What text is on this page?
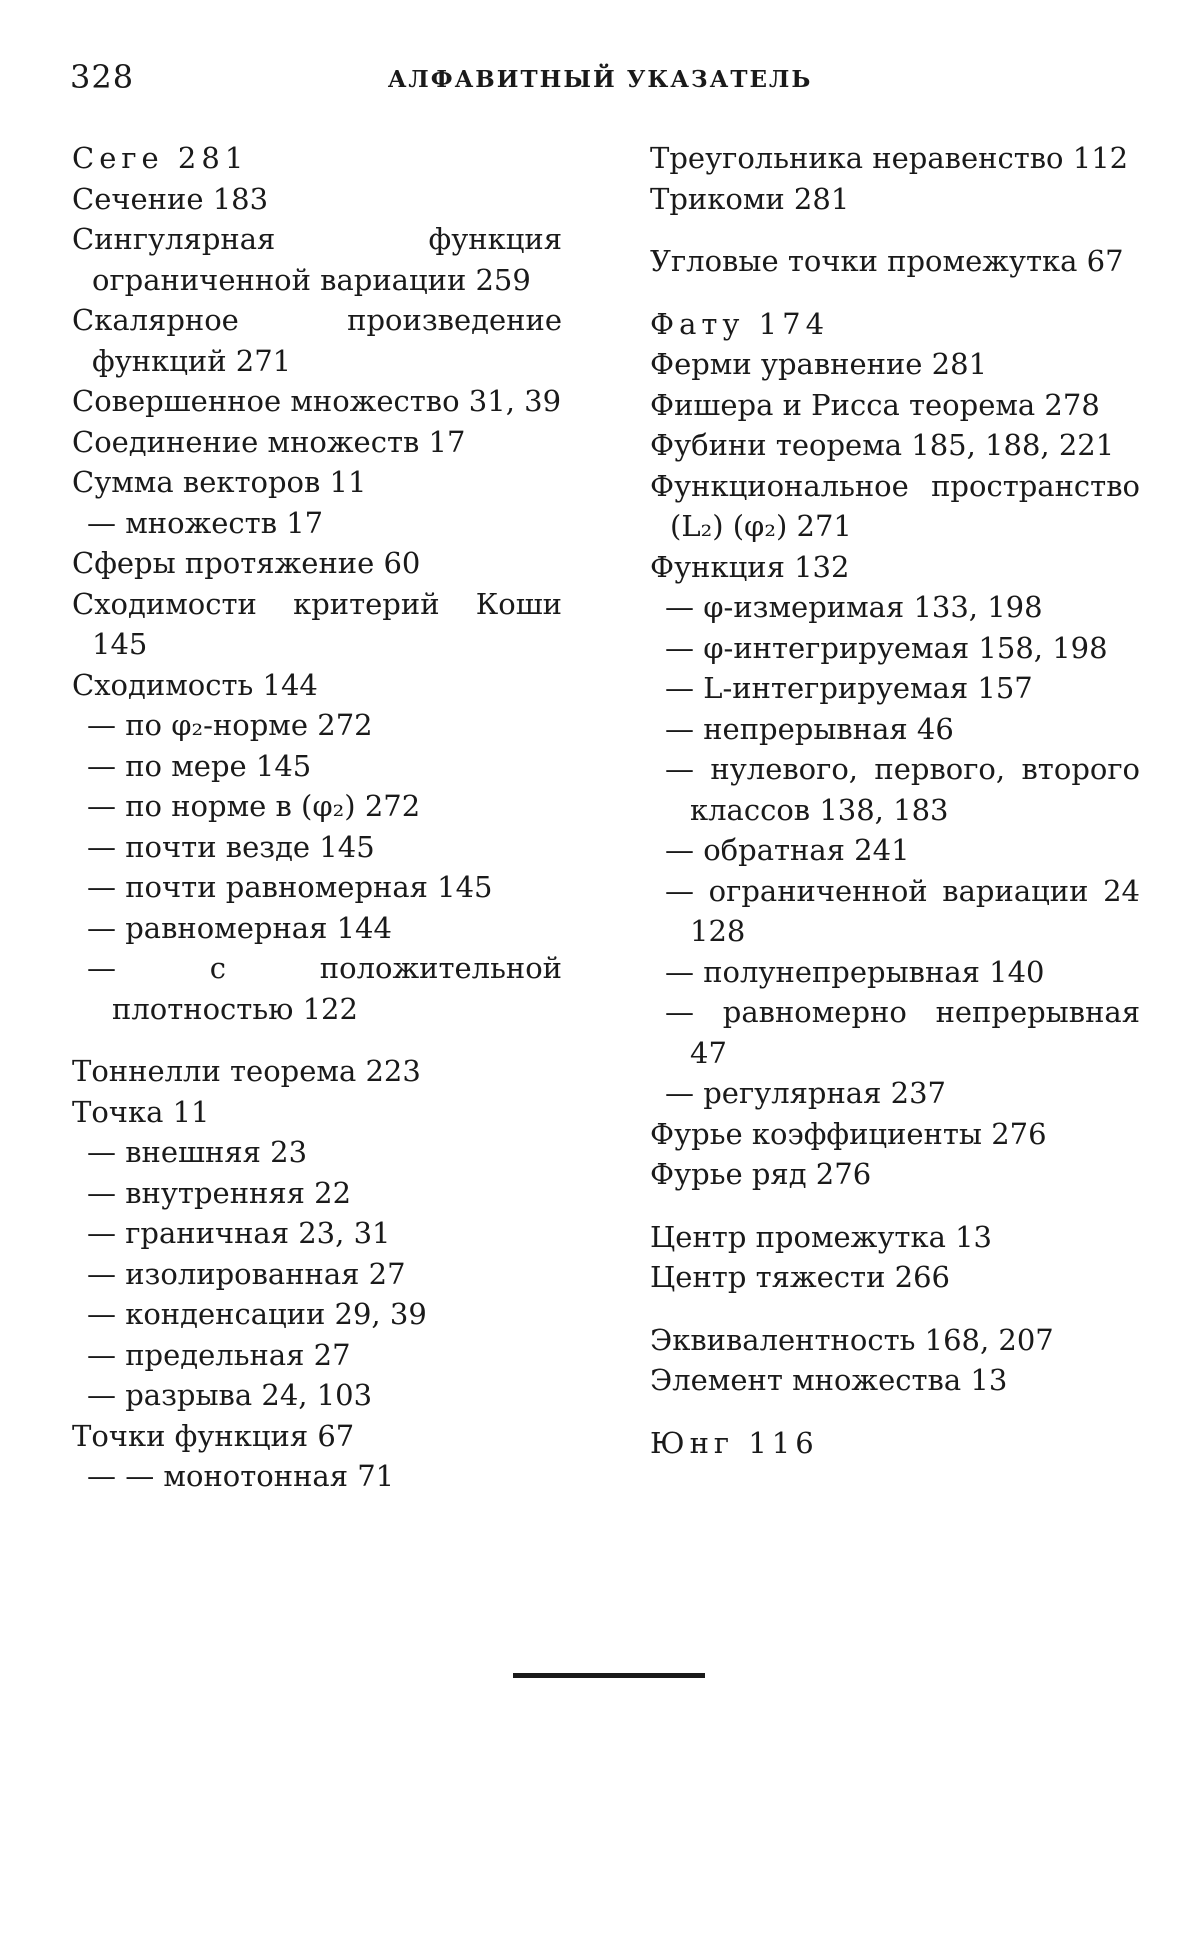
328	АЛФАВИТНЫЙ УКАЗАТЕЛЬ

Сеге 281

Сечение 183

Сингулярная функция ограниченной вариации 259

Скалярное произведение функций 271

Совершенное множество 31, 39

Соединение множеств 17

Сумма векторов 11

— множеств 17

Сферы протяжение 60

Сходимости критерий Коши 145

Сходимость 144

— по φ₂-норме 272

— по мере 145

— по норме в (φ₂) 272

— почти везде 145

— почти равномерная 145

— равномерная 144

— с положительной плотностью 122

Тоннелли теорема 223

Точка 11

— внешняя 23

— внутренняя 22

— граничная 23, 31

— изолированная 27

— конденсации 29, 39

— предельная 27

— разрыва 24, 103

Точки функция 67

— — монотонная 71

Треугольника неравенство 112

Трикоми 281

Угловые точки промежутка 67

Фату 174

Ферми уравнение 281

Фишера и Рисса теорема 278

Фубини теорема 185, 188, 221

Функциональное пространство (L₂) (φ₂) 271

Функция 132

— φ-измеримая 133, 198

— φ-интегрируемая 158, 198

— L-интегрируемая 157

— непрерывная 46

— нулевого, первого, второго классов 138, 183

— обратная 241

— ограниченной вариации 24 128

— полунепрерывная 140

— равномерно непрерывная 47

— регулярная 237

Фурье коэффициенты 276

Фурье ряд 276

Центр промежутка 13

Центр тяжести 266

Эквивалентность 168, 207

Элемент множества 13

Юнг 116
